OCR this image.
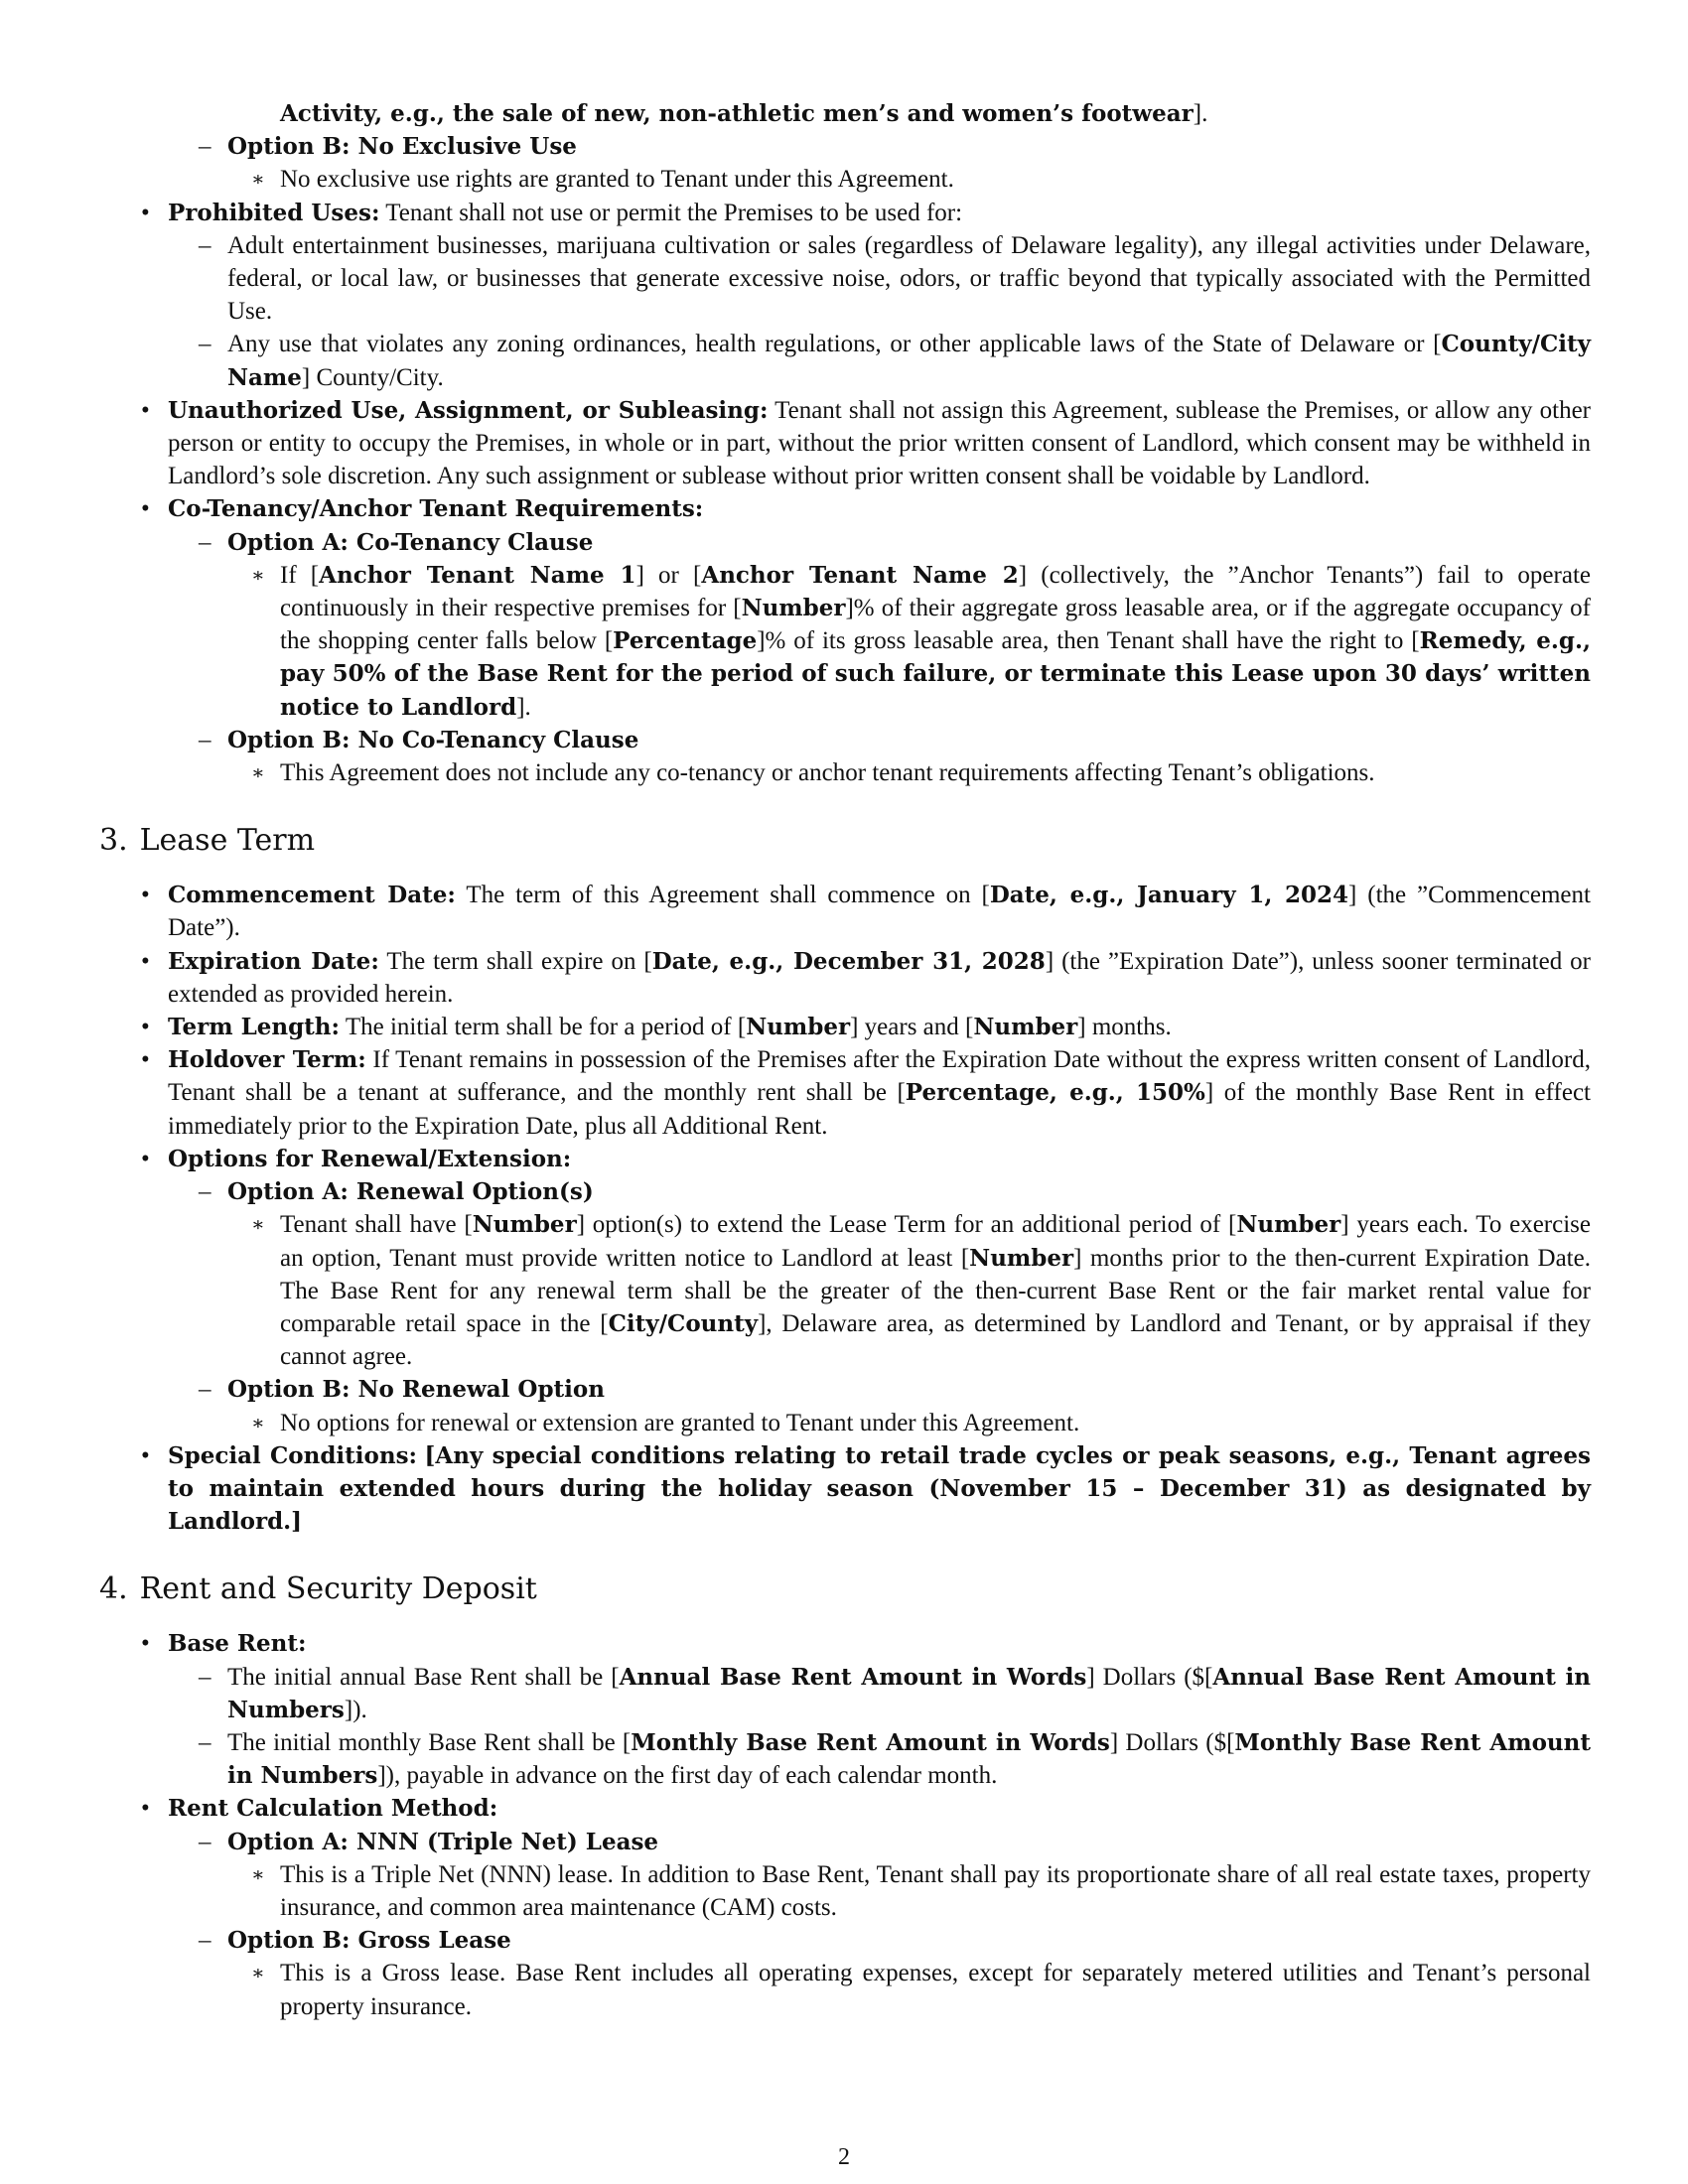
Activity, e.g., the sale of new, non-athletic men’s and women’s footwear].
– Option B: No Exclusive Use
∗ No exclusive use rights are granted to Tenant under this Agreement.
• Prohibited Uses: Tenant shall not use or permit the Premises to be used for:
– Adult entertainment businesses, marijuana cultivation or sales (regardless of Delaware legality), any illegal activities under Delaware, federal, or local law, or businesses that generate excessive noise, odors, or traffic beyond that typically associated with the Permitted Use.
– Any use that violates any zoning ordinances, health regulations, or other applicable laws of the State of Delaware or [County/City Name] County/City.
• Unauthorized Use, Assignment, or Subleasing: Tenant shall not assign this Agreement, sublease the Premises, or allow any other person or entity to occupy the Premises, in whole or in part, without the prior written consent of Landlord, which consent may be withheld in Landlord’s sole discretion. Any such assignment or sublease without prior written consent shall be voidable by Landlord.
• Co-Tenancy/Anchor Tenant Requirements:
– Option A: Co-Tenancy Clause
∗ If [Anchor Tenant Name 1] or [Anchor Tenant Name 2] (collectively, the ”Anchor Tenants”) fail to operate continuously in their respective premises for [Number]% of their aggregate gross leasable area, or if the aggregate occupancy of the shopping center falls below [Percentage]% of its gross leasable area, then Tenant shall have the right to [Remedy, e.g., pay 50% of the Base Rent for the period of such failure, or terminate this Lease upon 30 days’ written notice to Landlord].
– Option B: No Co-Tenancy Clause
∗ This Agreement does not include any co-tenancy or anchor tenant requirements affecting Tenant’s obligations.
3. Lease Term
• Commencement Date: The term of this Agreement shall commence on [Date, e.g., January 1, 2024] (the ”Commencement Date”).
• Expiration Date: The term shall expire on [Date, e.g., December 31, 2028] (the ”Expiration Date”), unless sooner terminated or extended as provided herein.
• Term Length: The initial term shall be for a period of [Number] years and [Number] months.
• Holdover Term: If Tenant remains in possession of the Premises after the Expiration Date without the express written consent of Landlord, Tenant shall be a tenant at sufferance, and the monthly rent shall be [Percentage, e.g., 150%] of the monthly Base Rent in effect immediately prior to the Expiration Date, plus all Additional Rent.
• Options for Renewal/Extension:
– Option A: Renewal Option(s)
∗ Tenant shall have [Number] option(s) to extend the Lease Term for an additional period of [Number] years each. To exercise an option, Tenant must provide written notice to Landlord at least [Number] months prior to the then-current Expiration Date. The Base Rent for any renewal term shall be the greater of the then-current Base Rent or the fair market rental value for comparable retail space in the [City/County], Delaware area, as determined by Landlord and Tenant, or by appraisal if they cannot agree.
– Option B: No Renewal Option
∗ No options for renewal or extension are granted to Tenant under this Agreement.
• Special Conditions: [Any special conditions relating to retail trade cycles or peak seasons, e.g., Tenant agrees to maintain extended hours during the holiday season (November 15 – December 31) as designated by Landlord.]
4. Rent and Security Deposit
• Base Rent:
– The initial annual Base Rent shall be [Annual Base Rent Amount in Words] Dollars ($[Annual Base Rent Amount in Numbers]).
– The initial monthly Base Rent shall be [Monthly Base Rent Amount in Words] Dollars ($[Monthly Base Rent Amount in Numbers]), payable in advance on the first day of each calendar month.
• Rent Calculation Method:
– Option A: NNN (Triple Net) Lease
∗ This is a Triple Net (NNN) lease. In addition to Base Rent, Tenant shall pay its proportionate share of all real estate taxes, property insurance, and common area maintenance (CAM) costs.
– Option B: Gross Lease
∗ This is a Gross lease. Base Rent includes all operating expenses, except for separately metered utilities and Tenant’s personal property insurance.
2
